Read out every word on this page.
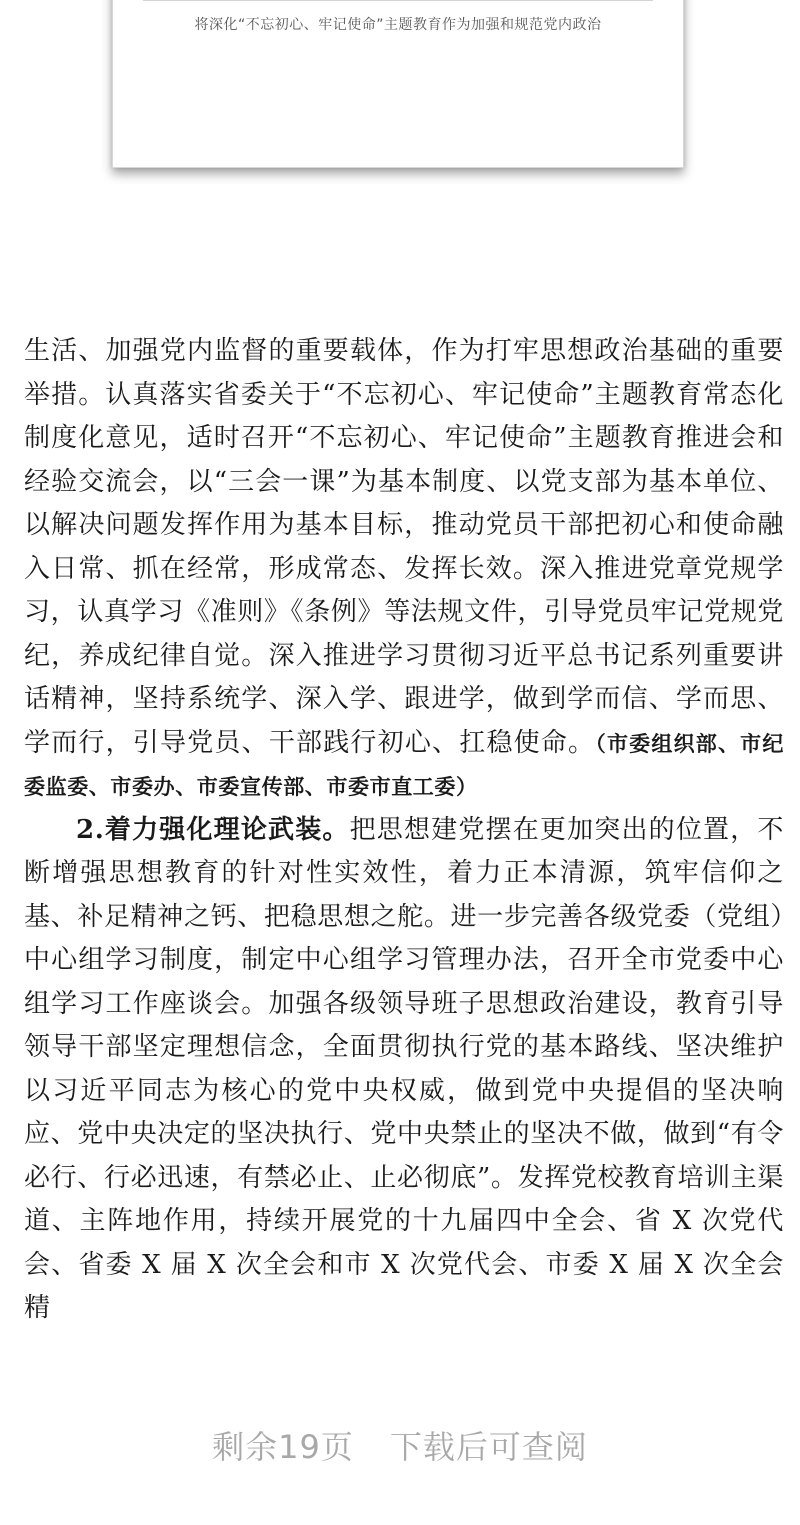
将深化“不忘初心、牢记使命”主题教育作为加强和规范党内政治

生活、加强党内监督的重要载体，作为打牢思想政治基础的重要举措。认真落实省委关于“不忘初心、牢记使命”主题教育常态化制度化意见，适时召开“不忘初心、牢记使命”主题教育推进会和经验交流会，以“三会一课”为基本制度、以党支部为基本单位、以解决问题发挥作用为基本目标，推动党员干部把初心和使命融入日常、抓在经常，形成常态、发挥长效。深入推进党章党规学习，认真学习《准则》《条例》等法规文件，引导党员牢记党规党纪，养成纪律自觉。深入推进学习贯彻习近平总书记系列重要讲话精神，坚持系统学、深入学、跟进学，做到学而信、学而思、学而行，引导党员、干部践行初心、扛稳使命。（市委组织部、市纪委监委、市委办、市委宣传部、市委市直工委）

2.着力强化理论武装。把思想建党摆在更加突出的位置，不断增强思想教育的针对性实效性，着力正本清源，筑牢信仰之基、补足精神之钙、把稳思想之舵。进一步完善各级党委（党组）中心组学习制度，制定中心组学习管理办法，召开全市党委中心组学习工作座谈会。加强各级领导班子思想政治建设，教育引导领导干部坚定理想信念，全面贯彻执行党的基本路线、坚决维护以习近平同志为核心的党中央权威，做到党中央提倡的坚决响应、党中央决定的坚决执行、党中央禁止的坚决不做，做到“有令必行、行必迅速，有禁必止、止必彻底”。发挥党校教育培训主渠道、主阵地作用，持续开展党的十九届四中全会、省 X 次党代会、省委 X 届 X 次全会和市 X 次党代会、市委 X 届 X 次全会精

剩余19页 下载后可查阅
